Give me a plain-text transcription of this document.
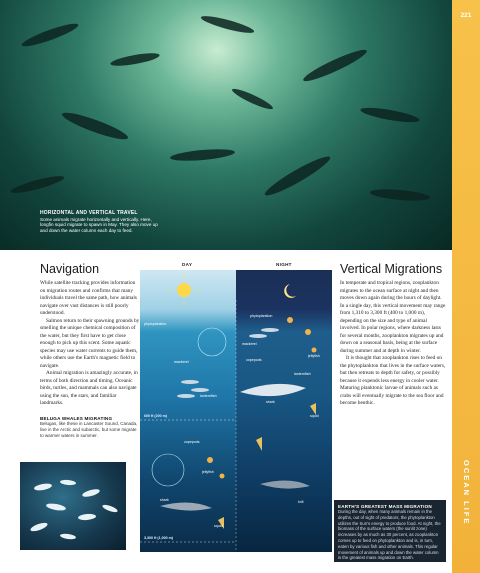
HORIZONTAL AND VERTICAL TRAVEL
Some animals migrate horizontally and vertically. Here, longfin squid migrate to spawn in May. They also move up and down the water column each day to feed.
221
OCEAN LIFE
Navigation

While satellite tracking provides information on migration routes and confirms that many individuals travel the same path, how animals navigate over vast distances is still poorly understood.

Salmon return to their spawning grounds by smelling the unique chemical composition of the water, but they first have to get close enough to pick up this scent. Some aquatic species may use water currents to guide them, while others use the Earth's magnetic field to navigate.

Animal migration is amazingly accurate, in terms of both direction and timing. Oceanic birds, turtles, and mammals can also navigate using the sun, the stars, and familiar landmarks.

BELUGA WHALES MIGRATING
Belugas, like these in Lancaster Sound, Canada, live in the Arctic and subarctic, but some migrate to warmer waters in summer.
DAY	NIGHT
phytoplankton
mackerel
lanternfish
copepods
jellyfish
shark
squid
phytoplankton
mackerel
copepods
jellyfish
lanternfish
shark
squid
krill
600 ft (200 m)
3,300 ft (1,000 m)
Vertical Migrations

In temperate and tropical regions, zooplankton migrates to the ocean surface at night and then moves down again during the hours of daylight. In a single day, this vertical movement may range from 1,310 to 3,300 ft (400 to 1,000 m), depending on the size and type of animal involved. In polar regions, where darkness lasts for several months, zooplankton migrates up and down on a seasonal basis, being at the surface during summer and at depth in winter.

It is thought that zooplankton rises to feed on the phytoplankton that lives in the surface waters, but then retreats to depth for safety, or possibly because it expends less energy in cooler water. Maturing planktonic larvae of animals such as crabs will eventually migrate to the sea floor and become benthic.

EARTH'S GREATEST MASS MIGRATION
During the day, when many animals remain in the depths, out of sight of predators, the phytoplankton utilizes the Sun's energy to produce food. At night, the biomass of the surface waters (the sunlit zone) increases by as much as 30 percent, as zooplankton comes up to feed on phytoplankton and is, in turn, eaten by various fish and other animals. This regular movement of animals up and down the water column is the greatest mass migration on Earth.
